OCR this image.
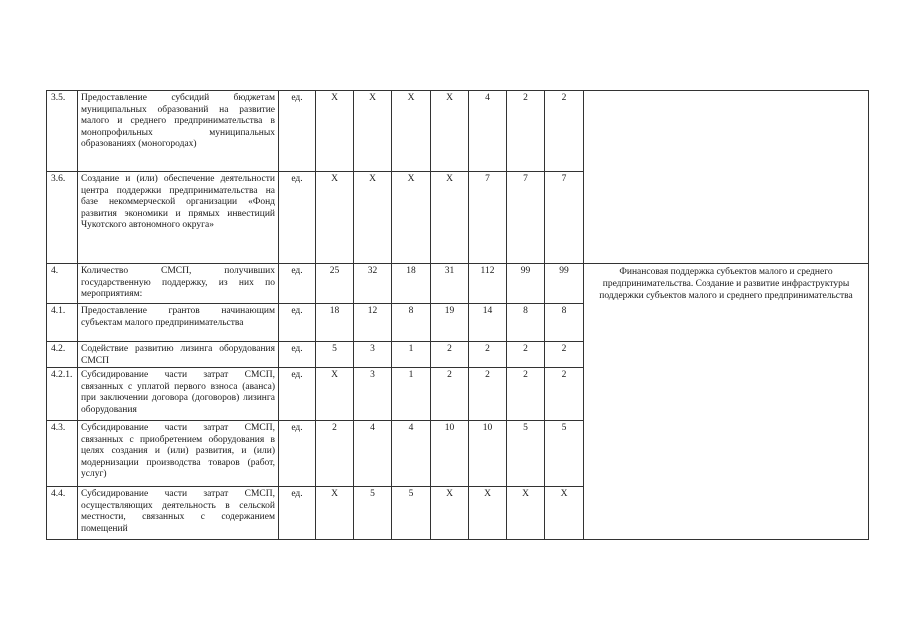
3.5.	Предоставление субсидий бюджетам муниципальных образований на развитие малого и среднего предпринимательства в монопрофильных муниципальных образованиях (моногородах)	ед.	Х	Х	Х	Х	4	2	2	
3.6.	Создание и (или) обеспечение деятельности центра поддержки предпринимательства на базе некоммерческой организации «Фонд развития экономики и прямых инвестиций Чукотского автономного округа»	ед.	Х	Х	Х	Х	7	7	7	
4.	Количество СМСП, получивших государственную поддержку, из них по мероприятиям:	ед.	25	32	18	31	112	99	99	Финансовая поддержка субъектов малого и среднего предпринимательства. Создание и развитие инфраструктуры поддержки субъектов малого и среднего предпринимательства
4.1.	Предоставление грантов начинающим субъектам малого предпринимательства	ед.	18	12	8	19	14	8	8	
4.2.	Содействие развитию лизинга оборудования СМСП	ед.	5	3	1	2	2	2	2	
4.2.1.	Субсидирование части затрат СМСП, связанных с уплатой первого взноса (аванса) при заключении договора (договоров) лизинга оборудования	ед.	Х	3	1	2	2	2	2	
4.3.	Субсидирование части затрат СМСП, связанных с приобретением оборудования в целях создания и (или) развития, и (или) модернизации производства товаров (работ, услуг)	ед.	2	4	4	10	10	5	5	
4.4.	Субсидирование части затрат СМСП, осуществляющих деятельность в сельской местности, связанных с содержанием помещений	ед.	Х	5	5	Х	Х	Х	Х	
